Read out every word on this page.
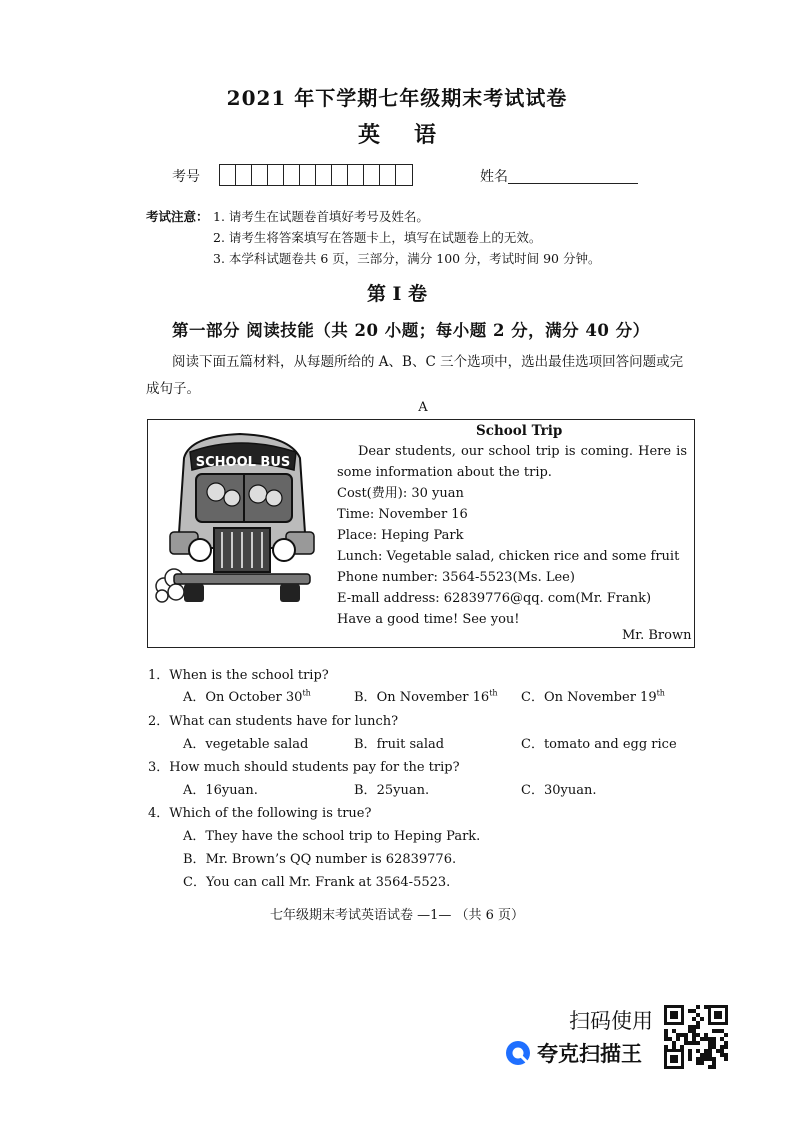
2021 年下学期七年级期末考试试卷
英语
考号	姓名
考试注意： 1. 请考生在试题卷首填好考号及姓名。
2. 请考生将答案填写在答题卡上，填写在试题卷上的无效。
3. 本学科试题卷共 6 页，三部分，满分 100 分，考试时间 90 分钟。
第 I 卷
第一部分 阅读技能（共 20 小题；每小题 2 分，满分 40 分）
阅读下面五篇材料，从每题所给的 A、B、C 三个选项中，选出最佳选项回答问题或完成句子。
A
SCHOOL BUS
School Trip
Dear students, our school trip is coming. Here is some information about the trip.
Cost(费用): 30 yuan
Time: November 16
Place: Heping Park
Lunch: Vegetable salad, chicken rice and some fruit
Phone number: 3564-5523(Ms. Lee)
E-mall address: 62839776@qq. com(Mr. Frank)
Have a good time! See you!
Mr. Brown
1．When is the school trip?
A．On October 30th	B．On November 16th C．On November 19th
2．What can students have for lunch?
A．vegetable salad	B．fruit salad	C．tomato and egg rice
3．How much should students pay for the trip?
A．16yuan.	B．25yuan.	C．30yuan.
4．Which of the following is true?
A．They have the school trip to Heping Park.
B．Mr. Brown’s QQ number is 62839776.
C．You can call Mr. Frank at 3564-5523.
七年级期末考试英语试卷 —1— （共 6 页）
扫码使用
夸克扫描王
